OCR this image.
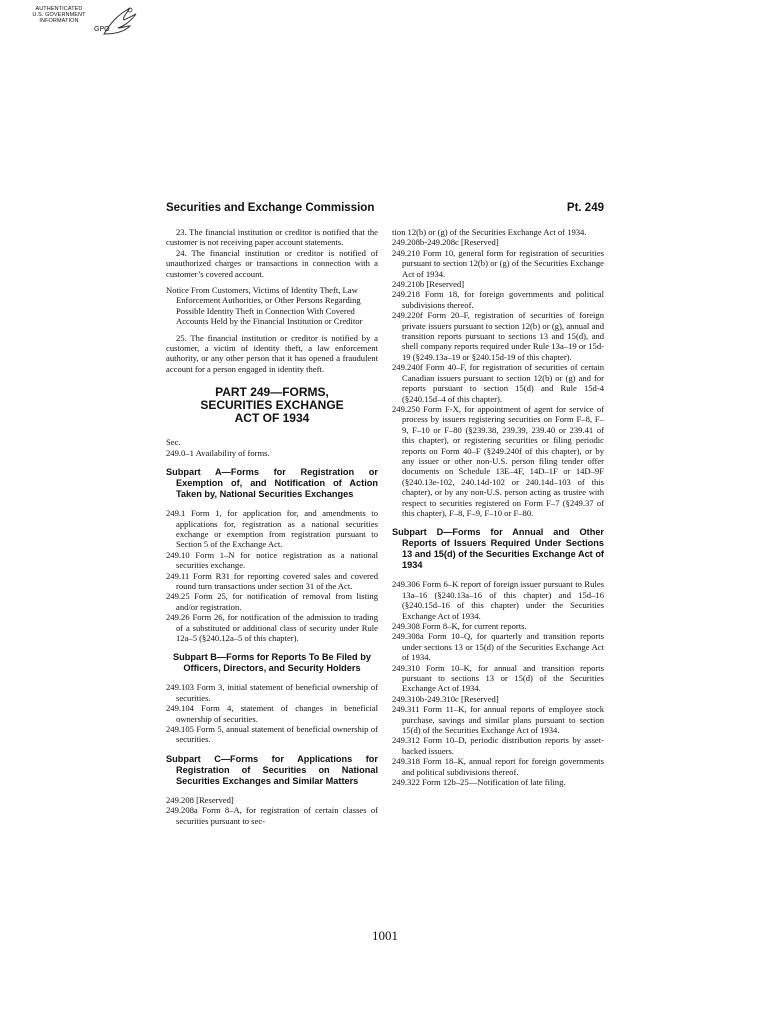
AUTHENTICATED
U.S. GOVERNMENT
INFORMATION
GPO
Securities and Exchange Commission	Pt. 249

23. The financial institution or creditor is notified that the customer is not receiving paper account statements.

24. The financial institution or creditor is notified of unauthorized charges or transactions in connection with a customer’s covered account.

Notice From Customers, Victims of Identity Theft, Law Enforcement Authorities, or Other Persons Regarding Possible Identity Theft in Connection With Covered Accounts Held by the Financial Institution or Creditor

25. The financial institution or creditor is notified by a customer, a victim of identity theft, a law enforcement authority, or any other person that it has opened a fraudulent account for a person engaged in identity theft.

PART 249—FORMS, SECURITIES EXCHANGE ACT OF 1934

Sec.

249.0–1 Availability of forms.

Subpart A—Forms for Registration or Exemption of, and Notification of Action Taken by, National Securities Exchanges

249.1 Form 1, for application for, and amendments to applications for, registration as a national securities exchange or exemption from registration pursuant to Section 5 of the Exchange Act.

249.10 Form 1–N for notice registration as a national securities exchange.

249.11 Form R31 for reporting covered sales and covered round turn transactions under section 31 of the Act.

249.25 Form 25, for notification of removal from listing and/or registration.

249.26 Form 26, for notification of the admission to trading of a substituted or additional class of security under Rule 12a–5 (§240.12a–5 of this chapter).

Subpart B—Forms for Reports To Be Filed by Officers, Directors, and Security Holders

249.103 Form 3, initial statement of beneficial ownership of securities.

249.104 Form 4, statement of changes in beneficial ownership of securities.

249.105 Form 5, annual statement of beneficial ownership of securities.

Subpart C—Forms for Applications for Registration of Securities on National Securities Exchanges and Similar Matters

249.208 [Reserved]

249.208a Form 8–A, for registration of certain classes of securities pursuant to sec-

tion 12(b) or (g) of the Securities Exchange Act of 1934.

249.208b-249.208c [Reserved]

249.210 Form 10, general form for registration of securities pursuant to section 12(b) or (g) of the Securities Exchange Act of 1934.

249.210b [Reserved]

249.218 Form 18, for foreign governments and political subdivisions thereof.

249.220f Form 20–F, registration of securities of foreign private issuers pursuant to section 12(b) or (g), annual and transition reports pursuant to sections 13 and 15(d), and shell company reports required under Rule 13a–19 or 15d-19 (§249.13a–19 or §240.15d-19 of this chapter).

249.240f Form 40–F, for registration of securities of certain Canadian issuers pursuant to section 12(b) or (g) and for reports pursuant to section 15(d) and Rule 15d-4 (§240.15d–4 of this chapter).

249.250 Form F-X, for appointment of agent for service of process by issuers registering securities on Form F–8, F–9, F–10 or F–80 (§239.38, 239.39, 239.40 or 239.41 of this chapter), or registering securities or filing periodic reports on Form 40–F (§249.240f of this chapter), or by any issuer or other non-U.S. person filing tender offer documents on Schedule 13E–4F, 14D–1F or 14D–9F (§240.13e-102, 240.14d-102 or 240.14d–103 of this chapter), or by any non-U.S. person acting as trustee with respect to securities registered on Form F–7 (§249.37 of this chapter), F–8, F–9, F–10 or F–80.

Subpart D—Forms for Annual and Other Reports of Issuers Required Under Sections 13 and 15(d) of the Securities Exchange Act of 1934

249.306 Form 6–K report of foreign issuer pursuant to Rules 13a–16 (§240.13a–16 of this chapter) and 15d–16 (§240.15d–16 of this chapter) under the Securities Exchange Act of 1934.

249.308 Form 8–K, for current reports.

249.308a Form 10–Q, for quarterly and transition reports under sections 13 or 15(d) of the Securities Exchange Act of 1934.

249.310 Form 10–K, for annual and transition reports pursuant to sections 13 or 15(d) of the Securities Exchange Act of 1934.

249.310b-249.310c [Reserved]

249.311 Form 11–K, for annual reports of employee stock purchase, savings and similar plans pursuant to section 15(d) of the Securities Exchange Act of 1934.

249.312 Form 10–D, periodic distribution reports by asset-backed issuers.

249.318 Form 18–K, annual report for foreign governments and political subdivisions thereof.

249.322 Form 12b–25—Notification of late filing.

1001
